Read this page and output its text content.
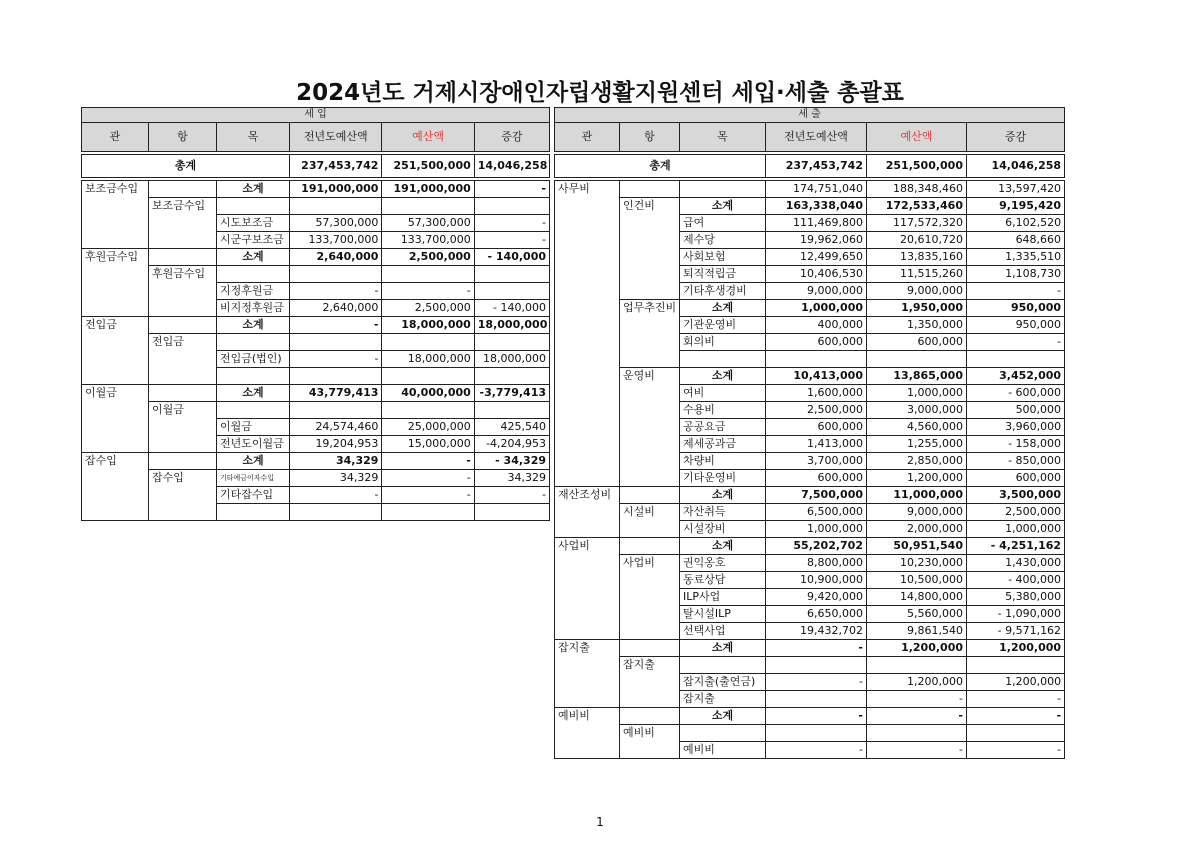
2024년도 거제시장애인자립생활지원센터 세입·세출 총괄표
세 입					
관	항	목	전년도예산액	예산액	증감

총계			237,453,742	251,500,000	14,046,258

보조금수입		소계	191,000,000	191,000,000	-
	보조금수입				
		시도보조금	57,300,000	57,300,000	-
		시군구보조금	133,700,000	133,700,000	-
후원금수입		소계	2,640,000	2,500,000	- 140,000
	후원금수입				
		지정후원금	-	-	
		비지정후원금	2,640,000	2,500,000	- 140,000
전입금		소계	-	18,000,000	18,000,000
	전입금				
		전입금(법인)	-	18,000,000	18,000,000

이월금		소계	43,779,413	40,000,000	-3,779,413
	이월금				
		이월금	24,574,460	25,000,000	425,540
		전년도이월금	19,204,953	15,000,000	-4,204,953
잡수입		소계	34,329	-	- 34,329
	잡수입	기타예금이자수입	34,329	-	34,329
		기타잡수입	-	-	-

세 출					
관	항	목	전년도예산액	예산액	증감

총계			237,453,742	251,500,000	14,046,258

사무비			174,751,040	188,348,460	13,597,420
	인건비	소계	163,338,040	172,533,460	9,195,420
		급여	111,469,800	117,572,320	6,102,520
		제수당	19,962,060	20,610,720	648,660
		사회보험	12,499,650	13,835,160	1,335,510
		퇴직적립금	10,406,530	11,515,260	1,108,730
		기타후생경비	9,000,000	9,000,000	-
	업무추진비	소계	1,000,000	1,950,000	950,000
		기관운영비	400,000	1,350,000	950,000
		회의비	600,000	600,000	-

	운영비	소계	10,413,000	13,865,000	3,452,000
		여비	1,600,000	1,000,000	- 600,000
		수용비	2,500,000	3,000,000	500,000
		공공요금	600,000	4,560,000	3,960,000
		제세공과금	1,413,000	1,255,000	- 158,000
		차량비	3,700,000	2,850,000	- 850,000
		기타운영비	600,000	1,200,000	600,000
재산조성비		소계	7,500,000	11,000,000	3,500,000
	시설비	자산취득	6,500,000	9,000,000	2,500,000
		시설장비	1,000,000	2,000,000	1,000,000
사업비		소계	55,202,702	50,951,540	- 4,251,162
	사업비	권익옹호	8,800,000	10,230,000	1,430,000
		동료상담	10,900,000	10,500,000	- 400,000
		ILP사업	9,420,000	14,800,000	5,380,000
		탈시설ILP	6,650,000	5,560,000	- 1,090,000
		선택사업	19,432,702	9,861,540	- 9,571,162
잡지출		소계	-	1,200,000	1,200,000
	잡지출				
		잡지출(출연금)	-	1,200,000	1,200,000
		잡지출		-	-
예비비		소계	-	-	-
	예비비				
		예비비	-	-	-
1
